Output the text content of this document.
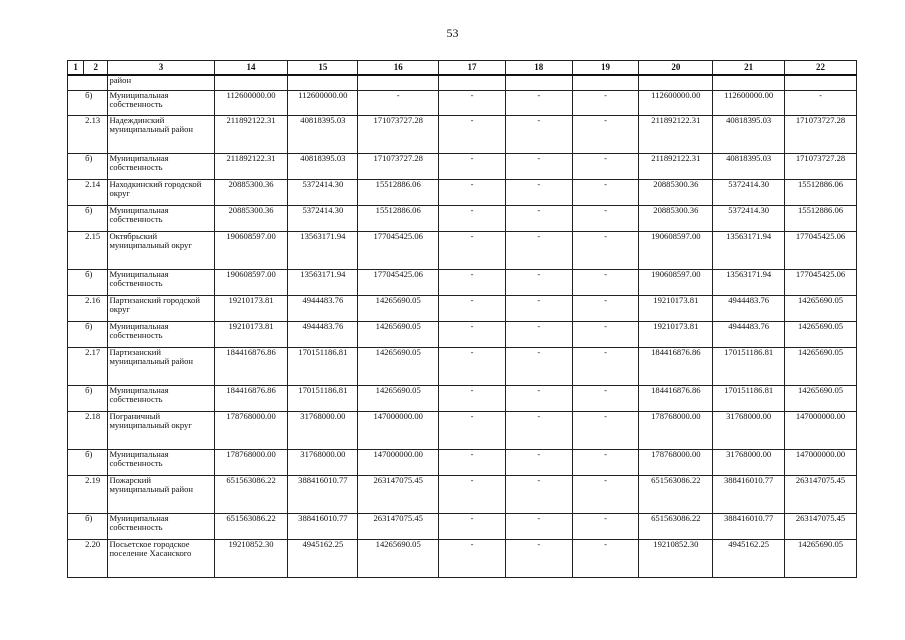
53
1	2	3	14	15	16	17	18	19	20	21	22
		район									
	б)	Муниципальная собственность	112600000.00	112600000.00	-	-	-	-	112600000.00	112600000.00	-
	2.13	Надеждинский муниципальный район	211892122.31	40818395.03	171073727.28	-	-	-	211892122.31	40818395.03	171073727.28
	б)	Муниципальная собственность	211892122.31	40818395.03	171073727.28	-	-	-	211892122.31	40818395.03	171073727.28
	2.14	Находкинский городской округ	20885300.36	5372414.30	15512886.06	-	-	-	20885300.36	5372414.30	15512886.06
	б)	Муниципальная собственность	20885300.36	5372414.30	15512886.06	-	-	-	20885300.36	5372414.30	15512886.06
	2.15	Октябрьский муниципальный округ	190608597.00	13563171.94	177045425.06	-	-	-	190608597.00	13563171.94	177045425.06
	б)	Муниципальная собственность	190608597.00	13563171.94	177045425.06	-	-	-	190608597.00	13563171.94	177045425.06
	2.16	Партизанский городской округ	19210173.81	4944483.76	14265690.05	-	-	-	19210173.81	4944483.76	14265690.05
	б)	Муниципальная собственность	19210173.81	4944483.76	14265690.05	-	-	-	19210173.81	4944483.76	14265690.05
	2.17	Партизанский муниципальный район	184416876.86	170151186.81	14265690.05	-	-	-	184416876.86	170151186.81	14265690.05
	б)	Муниципальная собственность	184416876.86	170151186.81	14265690.05	-	-	-	184416876.86	170151186.81	14265690.05
	2.18	Пограничный муниципальный округ	178768000.00	31768000.00	147000000.00	-	-	-	178768000.00	31768000.00	147000000.00
	б)	Муниципальная собственность	178768000.00	31768000.00	147000000.00	-	-	-	178768000.00	31768000.00	147000000.00
	2.19	Пожарский муниципальный район	651563086.22	388416010.77	263147075.45	-	-	-	651563086.22	388416010.77	263147075.45
	б)	Муниципальная собственность	651563086.22	388416010.77	263147075.45	-	-	-	651563086.22	388416010.77	263147075.45
	2.20	Посьетское городское поселение Хасанского	19210852.30	4945162.25	14265690.05	-	-	-	19210852.30	4945162.25	14265690.05
